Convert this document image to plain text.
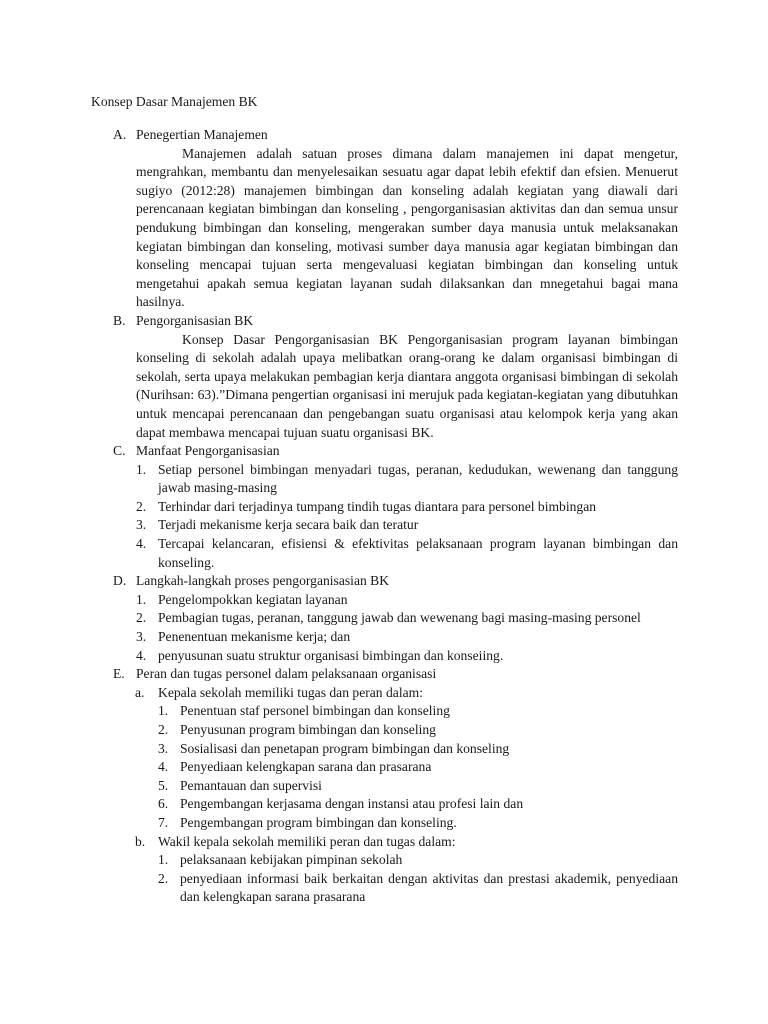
Konsep Dasar Manajemen BK
A. Penegertian Manajemen

Manajemen adalah satuan proses dimana dalam manajemen ini dapat mengetur, mengrahkan, membantu dan menyelesaikan sesuatu agar dapat lebih efektif dan efsien. Menuerut sugiyo (2012:28) manajemen bimbingan dan konseling adalah kegiatan yang diawali dari perencanaan kegiatan bimbingan dan konseling , pengorganisasian aktivitas dan dan semua unsur pendukung bimbingan dan konseling, mengerakan sumber daya manusia untuk melaksanakan kegiatan bimbingan dan konseling, motivasi sumber daya manusia agar kegiatan bimbingan dan konseling mencapai tujuan serta mengevaluasi kegiatan bimbingan dan konseling untuk mengetahui apakah semua kegiatan layanan sudah dilaksankan dan mnegetahui bagai mana hasilnya.

B. Pengorganisasian BK

Konsep Dasar Pengorganisasian BK Pengorganisasian program layanan bimbingan konseling di sekolah adalah upaya melibatkan orang-orang ke dalam organisasi bimbingan di sekolah, serta upaya melakukan pembagian kerja diantara anggota organisasi bimbingan di sekolah (Nurihsan: 63).”Dimana pengertian organisasi ini merujuk pada kegiatan-kegiatan yang dibutuhkan untuk mencapai perencanaan dan pengebangan suatu organisasi atau kelompok kerja yang akan dapat membawa mencapai tujuan suatu organisasi BK.

C. Manfaat Pengorganisasian
1. Setiap personel bimbingan menyadari tugas, peranan, kedudukan, wewenang dan tanggung jawab masing-masing
2. Terhindar dari terjadinya tumpang tindih tugas diantara para personel bimbingan
3. Terjadi mekanisme kerja secara baik dan teratur
4. Tercapai kelancaran, efisiensi & efektivitas pelaksanaan program layanan bimbingan dan konseling.
D. Langkah-langkah proses pengorganisasian BK
1. Pengelompokkan kegiatan layanan
2. Pembagian tugas, peranan, tanggung jawab dan wewenang bagi masing-masing personel
3. Penenentuan mekanisme kerja; dan
4. penyusunan suatu struktur organisasi bimbingan dan konseiing.
E. Peran dan tugas personel dalam pelaksanaan organisasi
a. Kepala sekolah memiliki tugas dan peran dalam:
1. Penentuan staf personel bimbingan dan konseling
2. Penyusunan program bimbingan dan konseling
3. Sosialisasi dan penetapan program bimbingan dan konseling
4. Penyediaan kelengkapan sarana dan prasarana
5. Pemantauan dan supervisi
6. Pengembangan kerjasama dengan instansi atau profesi lain dan
7. Pengembangan program bimbingan dan konseling.
b. Wakil kepala sekolah memiliki peran dan tugas dalam:
1. pelaksanaan kebijakan pimpinan sekolah
2. penyediaan informasi baik berkaitan dengan aktivitas dan prestasi akademik, penyediaan dan kelengkapan sarana prasarana
